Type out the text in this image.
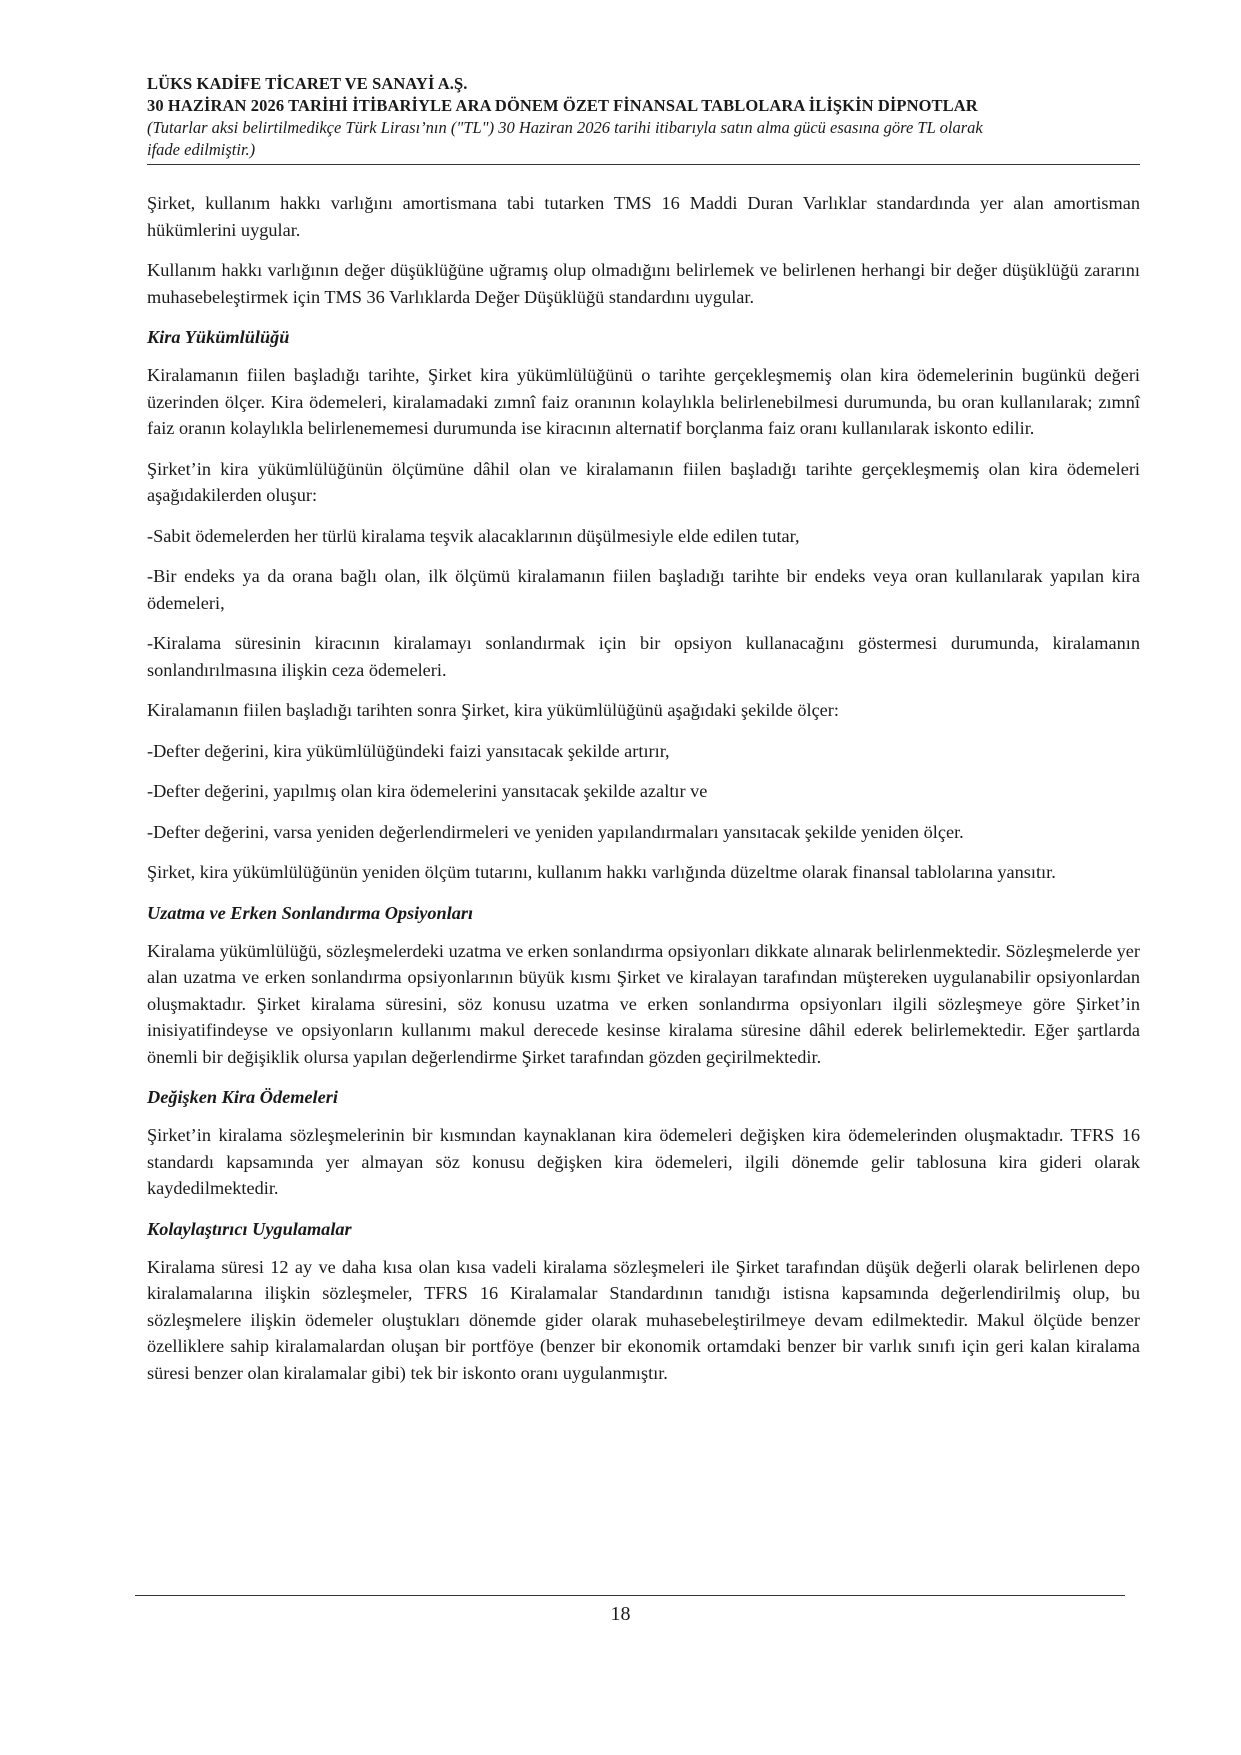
LÜKS KADİFE TİCARET VE SANAYİ A.Ş.
30 HAZİRAN 2026 TARİHİ İTİBARİYLE ARA DÖNEM ÖZET FİNANSAL TABLOLARA İLİŞKİN DİPNOTLAR
(Tutarlar aksi belirtilmedikçe Türk Lirası’nın ("TL") 30 Haziran 2026 tarihi itibarıyla satın alma gücü esasına göre TL olarak
ifade edilmiştir.)

Şirket, kullanım hakkı varlığını amortismana tabi tutarken TMS 16 Maddi Duran Varlıklar standardında yer alan amortisman hükümlerini uygular.

Kullanım hakkı varlığının değer düşüklüğüne uğramış olup olmadığını belirlemek ve belirlenen herhangi bir değer düşüklüğü zararını muhasebeleştirmek için TMS 36 Varlıklarda Değer Düşüklüğü standardını uygular.

Kira Yükümlülüğü

Kiralamanın fiilen başladığı tarihte, Şirket kira yükümlülüğünü o tarihte gerçekleşmemiş olan kira ödemelerinin bugünkü değeri üzerinden ölçer. Kira ödemeleri, kiralamadaki zımnî faiz oranının kolaylıkla belirlenebilmesi durumunda, bu oran kullanılarak; zımnî faiz oranın kolaylıkla belirlenememesi durumunda ise kiracının alternatif borçlanma faiz oranı kullanılarak iskonto edilir.

Şirket’in kira yükümlülüğünün ölçümüne dâhil olan ve kiralamanın fiilen başladığı tarihte gerçekleşmemiş olan kira ödemeleri aşağıdakilerden oluşur:

-Sabit ödemelerden her türlü kiralama teşvik alacaklarının düşülmesiyle elde edilen tutar,

-Bir endeks ya da orana bağlı olan, ilk ölçümü kiralamanın fiilen başladığı tarihte bir endeks veya oran kullanılarak yapılan kira ödemeleri,

-Kiralama süresinin kiracının kiralamayı sonlandırmak için bir opsiyon kullanacağını göstermesi durumunda, kiralamanın sonlandırılmasına ilişkin ceza ödemeleri.

Kiralamanın fiilen başladığı tarihten sonra Şirket, kira yükümlülüğünü aşağıdaki şekilde ölçer:

-Defter değerini, kira yükümlülüğündeki faizi yansıtacak şekilde artırır,

-Defter değerini, yapılmış olan kira ödemelerini yansıtacak şekilde azaltır ve

-Defter değerini, varsa yeniden değerlendirmeleri ve yeniden yapılandırmaları yansıtacak şekilde yeniden ölçer.

Şirket, kira yükümlülüğünün yeniden ölçüm tutarını, kullanım hakkı varlığında düzeltme olarak finansal tablolarına yansıtır.

Uzatma ve Erken Sonlandırma Opsiyonları

Kiralama yükümlülüğü, sözleşmelerdeki uzatma ve erken sonlandırma opsiyonları dikkate alınarak belirlenmektedir. Sözleşmelerde yer alan uzatma ve erken sonlandırma opsiyonlarının büyük kısmı Şirket ve kiralayan tarafından müştereken uygulanabilir opsiyonlardan oluşmaktadır. Şirket kiralama süresini, söz konusu uzatma ve erken sonlandırma opsiyonları ilgili sözleşmeye göre Şirket’in inisiyatifindeyse ve opsiyonların kullanımı makul derecede kesinse kiralama süresine dâhil ederek belirlemektedir. Eğer şartlarda önemli bir değişiklik olursa yapılan değerlendirme Şirket tarafından gözden geçirilmektedir.

Değişken Kira Ödemeleri

Şirket’in kiralama sözleşmelerinin bir kısmından kaynaklanan kira ödemeleri değişken kira ödemelerinden oluşmaktadır. TFRS 16 standardı kapsamında yer almayan söz konusu değişken kira ödemeleri, ilgili dönemde gelir tablosuna kira gideri olarak kaydedilmektedir.

Kolaylaştırıcı Uygulamalar

Kiralama süresi 12 ay ve daha kısa olan kısa vadeli kiralama sözleşmeleri ile Şirket tarafından düşük değerli olarak belirlenen depo kiralamalarına ilişkin sözleşmeler, TFRS 16 Kiralamalar Standardının tanıdığı istisna kapsamında değerlendirilmiş olup, bu sözleşmelere ilişkin ödemeler oluştukları dönemde gider olarak muhasebeleştirilmeye devam edilmektedir. Makul ölçüde benzer özelliklere sahip kiralamalardan oluşan bir portföye (benzer bir ekonomik ortamdaki benzer bir varlık sınıfı için geri kalan kiralama süresi benzer olan kiralamalar gibi) tek bir iskonto oranı uygulanmıştır.

18
